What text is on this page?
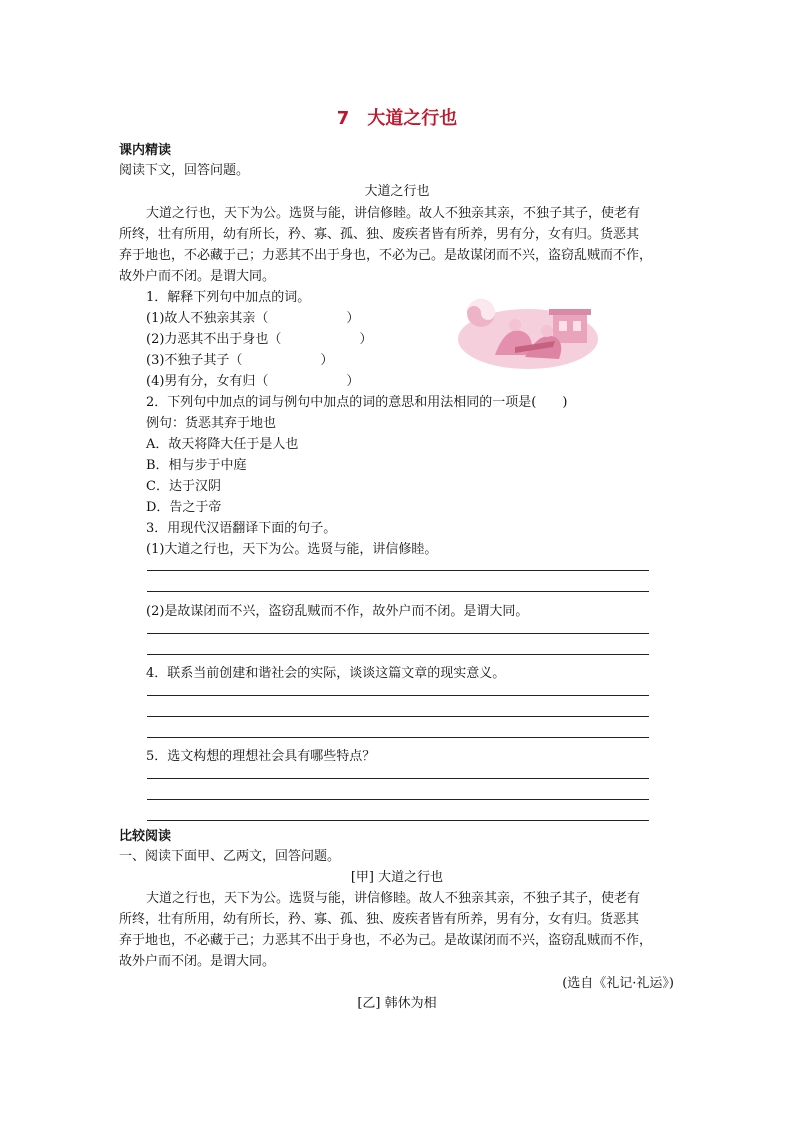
7 大道之行也
课内精读
阅读下文，回答问题。
大道之行也
大道之行也，天下为公。选贤与能，讲信修睦。故人不独亲其亲，不独子其子，使老有
所终，壮有所用，幼有所长，矜、寡、孤、独、废疾者皆有所养，男有分，女有归。货恶其
弃于地也，不必藏于己；力恶其不出于身也，不必为己。是故谋闭而不兴，盗窃乱贼而不作，
故外户而不闭。是谓大同。
1．解释下列句中加点的词。
(1)故人不独亲其亲（　　　　　　）
(2)力恶其不出于身也（　　　　　　）
(3)不独子其子（　　　　　　）
(4)男有分，女有归（　　　　　　）
2．下列句中加点的词与例句中加点的词的意思和用法相同的一项是(　　)
例句：货恶其弃于地也
A．故天将降大任于是人也
B．相与步于中庭
C．达于汉阴
D．告之于帝
3．用现代汉语翻译下面的句子。
(1)大道之行也，天下为公。选贤与能，讲信修睦。
(2)是故谋闭而不兴，盗窃乱贼而不作，故外户而不闭。是谓大同。
4．联系当前创建和谐社会的实际，谈谈这篇文章的现实意义。
5．选文构想的理想社会具有哪些特点？
比较阅读
一、阅读下面甲、乙两文，回答问题。
[甲] 大道之行也
大道之行也，天下为公。选贤与能，讲信修睦。故人不独亲其亲，不独子其子，使老有
所终，壮有所用，幼有所长，矜、寡、孤、独、废疾者皆有所养，男有分，女有归。货恶其
弃于地也，不必藏于己；力恶其不出于身也，不必为己。是故谋闭而不兴，盗窃乱贼而不作，
故外户而不闭。是谓大同。
(选自《礼记·礼运》)
[乙] 韩休为相
